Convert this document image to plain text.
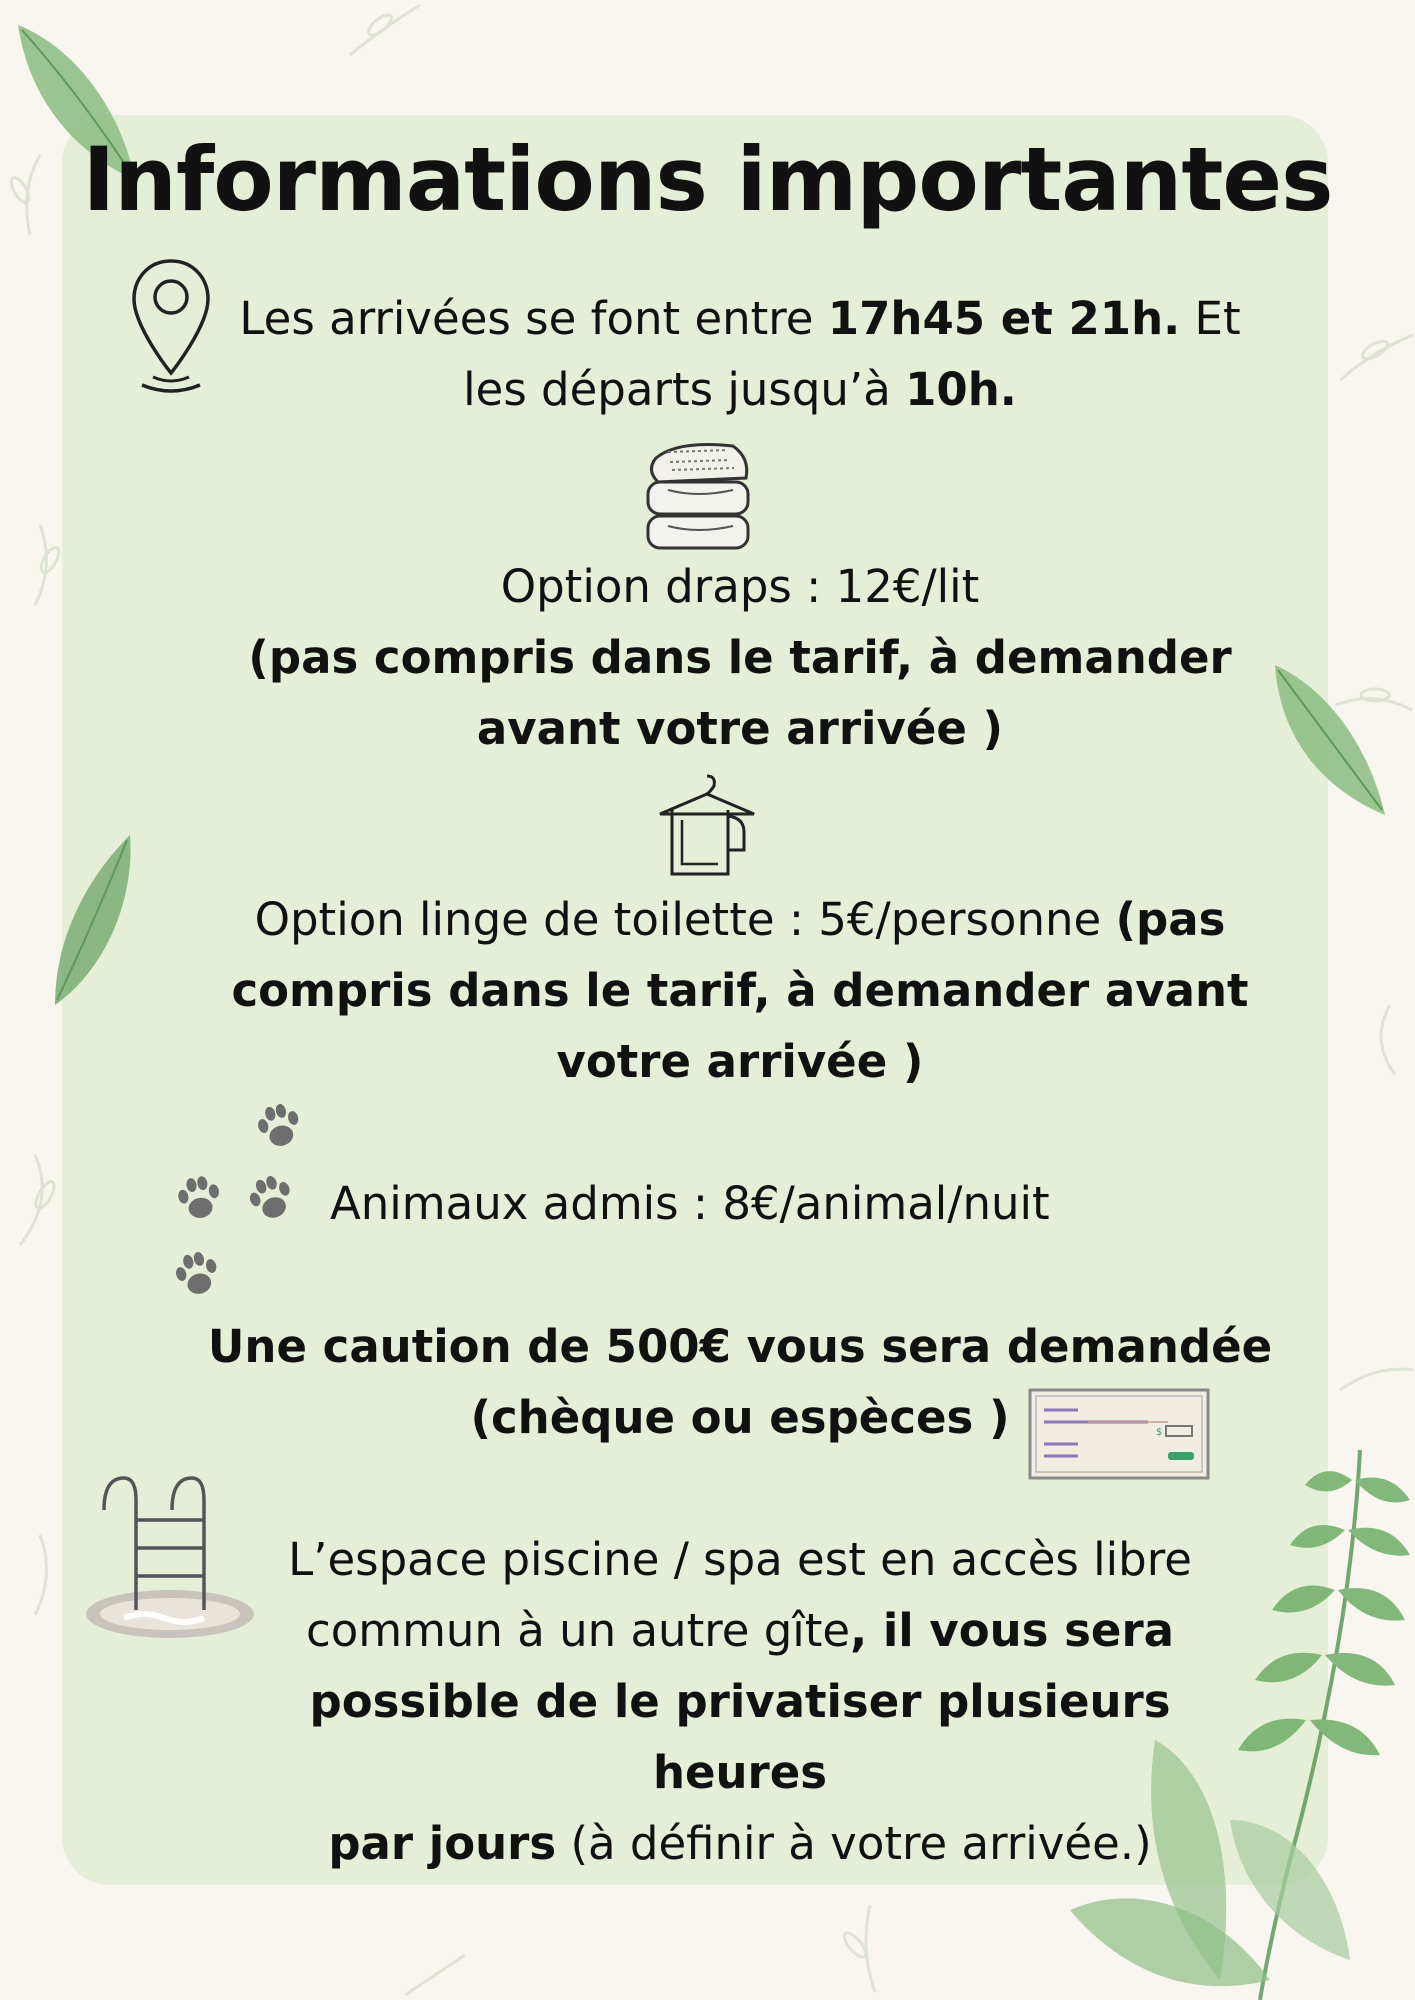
Informations importantes
Les arrivées se font entre 17h45 et 21h. Et
les départs jusqu’à 10h.
Option draps : 12€/lit
(pas compris dans le tarif, à demander
avant votre arrivée )
Option linge de toilette : 5€/personne (pas
compris dans le tarif, à demander avant
votre arrivée )
Animaux admis : 8€/animal/nuit
Une caution de 500€ vous sera demandée
(chèque ou espèces )	$
L’espace piscine / spa est en accès libre
commun à un autre gîte, il vous sera
possible de le privatiser plusieurs heures
par jours (à définir à votre arrivée.)
